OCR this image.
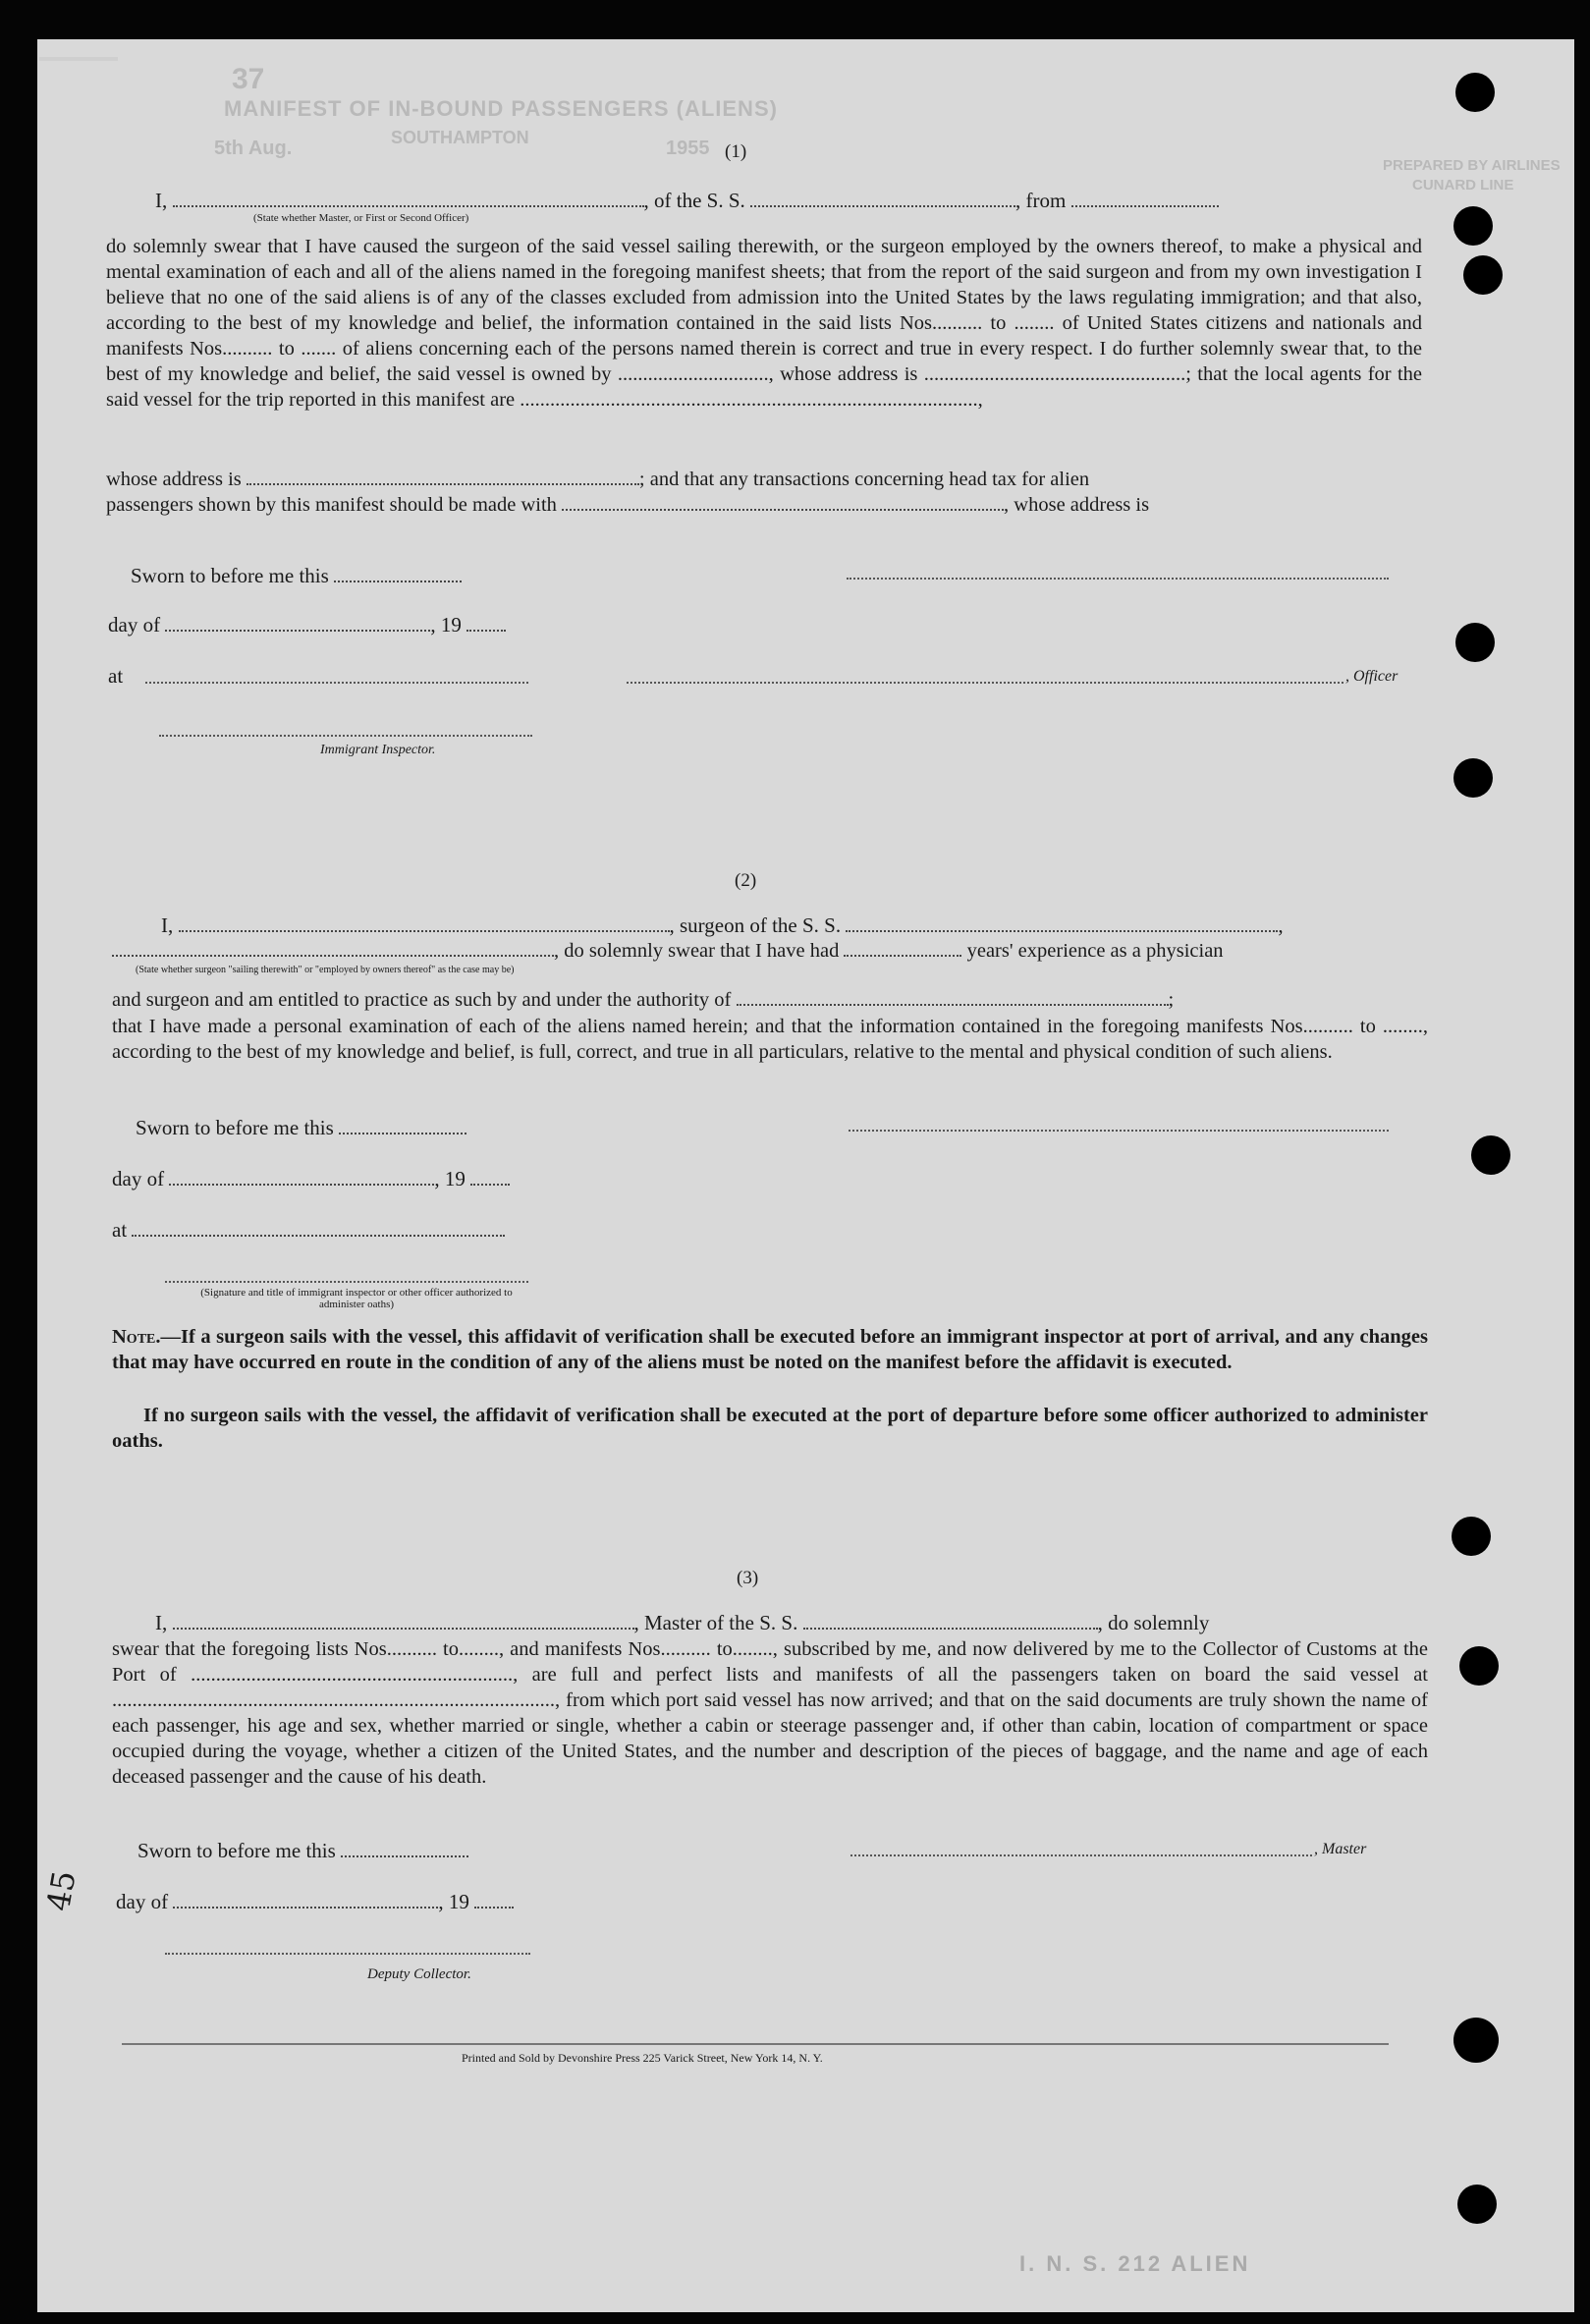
37
MANIFEST OF IN-BOUND PASSENGERS (ALIENS)
SOUTHAMPTON
5th Aug.	1955
PREPARED BY AIRLINES
CUNARD LINE
(1)
I,	, of the S. S.	, from
(State whether Master, or First or Second Officer)

do solemnly swear that I have caused the surgeon of the said vessel sailing therewith, or the surgeon employed by the owners thereof, to make a physical and mental examination of each and all of the aliens named in the foregoing manifest sheets; that from the report of the said surgeon and from my own investigation I believe that no one of the said aliens is of any of the classes excluded from admission into the United States by the laws regulating immigration; and that also, according to the best of my knowledge and belief, the information contained in the said lists Nos.......... to ........ of United States citizens and nationals and manifests Nos.......... to ....... of aliens concerning each of the persons named therein is correct and true in every respect. I do further solemnly swear that, to the best of my knowledge and belief, the said vessel is owned by .............................., whose address is ....................................................; that the local agents for the said vessel for the trip reported in this manifest are ...........................................................................................,

whose address is	; and that any transactions concerning head tax for alien
passengers shown by this manifest should be made with	, whose address is
Sworn to before me this
day of	, 19
at	, Officer
Immigrant Inspector.
(2)
I,	, surgeon of the S. S.	,
, do solemnly swear that I have had	years' experience as a physician
(State whether surgeon "sailing therewith" or "employed by owners thereof" as the case may be)
and surgeon and am entitled to practice as such by and under the authority of	;

that I have made a personal examination of each of the aliens named herein; and that the information contained in the foregoing manifests Nos.......... to ........, according to the best of my knowledge and belief, is full, correct, and true in all particulars, relative to the mental and physical condition of such aliens.

Sworn to before me this
day of	, 19
at
(Signature and title of immigrant inspector or other officer authorized to administer oaths)

Note.—If a surgeon sails with the vessel, this affidavit of verification shall be executed before an immigrant inspector at port of arrival, and any changes that may have occurred en route in the condition of any of the aliens must be noted on the manifest before the affidavit is executed.

If no surgeon sails with the vessel, the affidavit of verification shall be executed at the port of departure before some officer authorized to administer oaths.

(3)
I,	, Master of the S. S.	, do solemnly

swear that the foregoing lists Nos.......... to........, and manifests Nos.......... to........, subscribed by me, and now delivered by me to the Collector of Customs at the Port of ................................................................, are full and perfect lists and manifests of all the passengers taken on board the said vessel at ........................................................................................, from which port said vessel has now arrived; and that on the said documents are truly shown the name of each passenger, his age and sex, whether married or single, whether a cabin or steerage passenger and, if other than cabin, location of compartment or space occupied during the voyage, whether a citizen of the United States, and the number and description of the pieces of baggage, and the name and age of each deceased passenger and the cause of his death.

Sworn to before me this	, Master
45 day of	, 19
Deputy Collector.
Printed and Sold by Devonshire Press 225 Varick Street, New York 14, N. Y.
I. N. S. 212 ALIEN
